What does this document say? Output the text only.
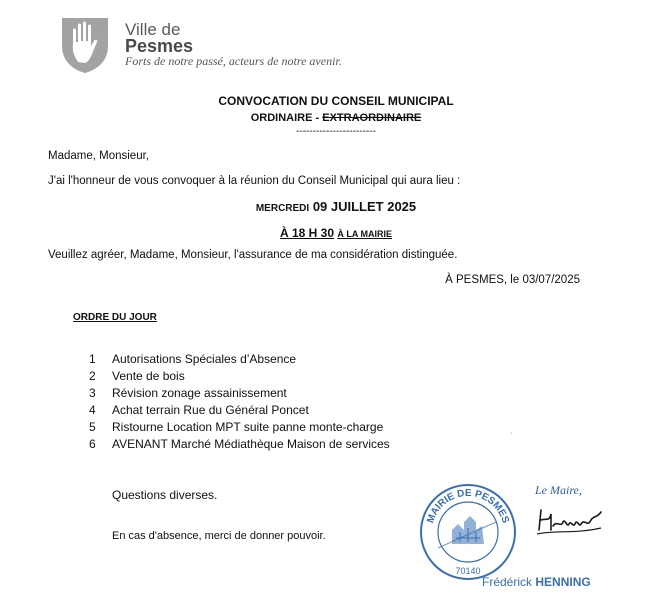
Ville de
Pesmes
Forts de notre passé, acteurs de notre avenir.
CONVOCATION DU CONSEIL MUNICIPAL
ORDINAIRE - EXTRAORDINAIRE
------------------------
Madame, Monsieur,
J'ai l'honneur de vous convoquer à la réunion du Conseil Municipal qui aura lieu :
MERCREDI 09 JUILLET 2025
À 18 H 30 À LA MAIRIE
Veuillez agréer, Madame, Monsieur, l'assurance de ma considération distinguée.
À PESMES, le 03/07/2025
ORDRE DU JOUR
1	Autorisations Spéciales d’Absence
2	Vente de bois
3	Révision zonage assainissement
4	Achat terrain Rue du Général Poncet
5	Ristourne Location MPT suite panne monte-charge
6	AVENANT Marché Médiathèque Maison de services
ˎ
Questions diverses.
En cas d'absence, merci de donner pouvoir.
MAIRIE DE PESMES
70140
Le Maire,
Frédérick HENNING
